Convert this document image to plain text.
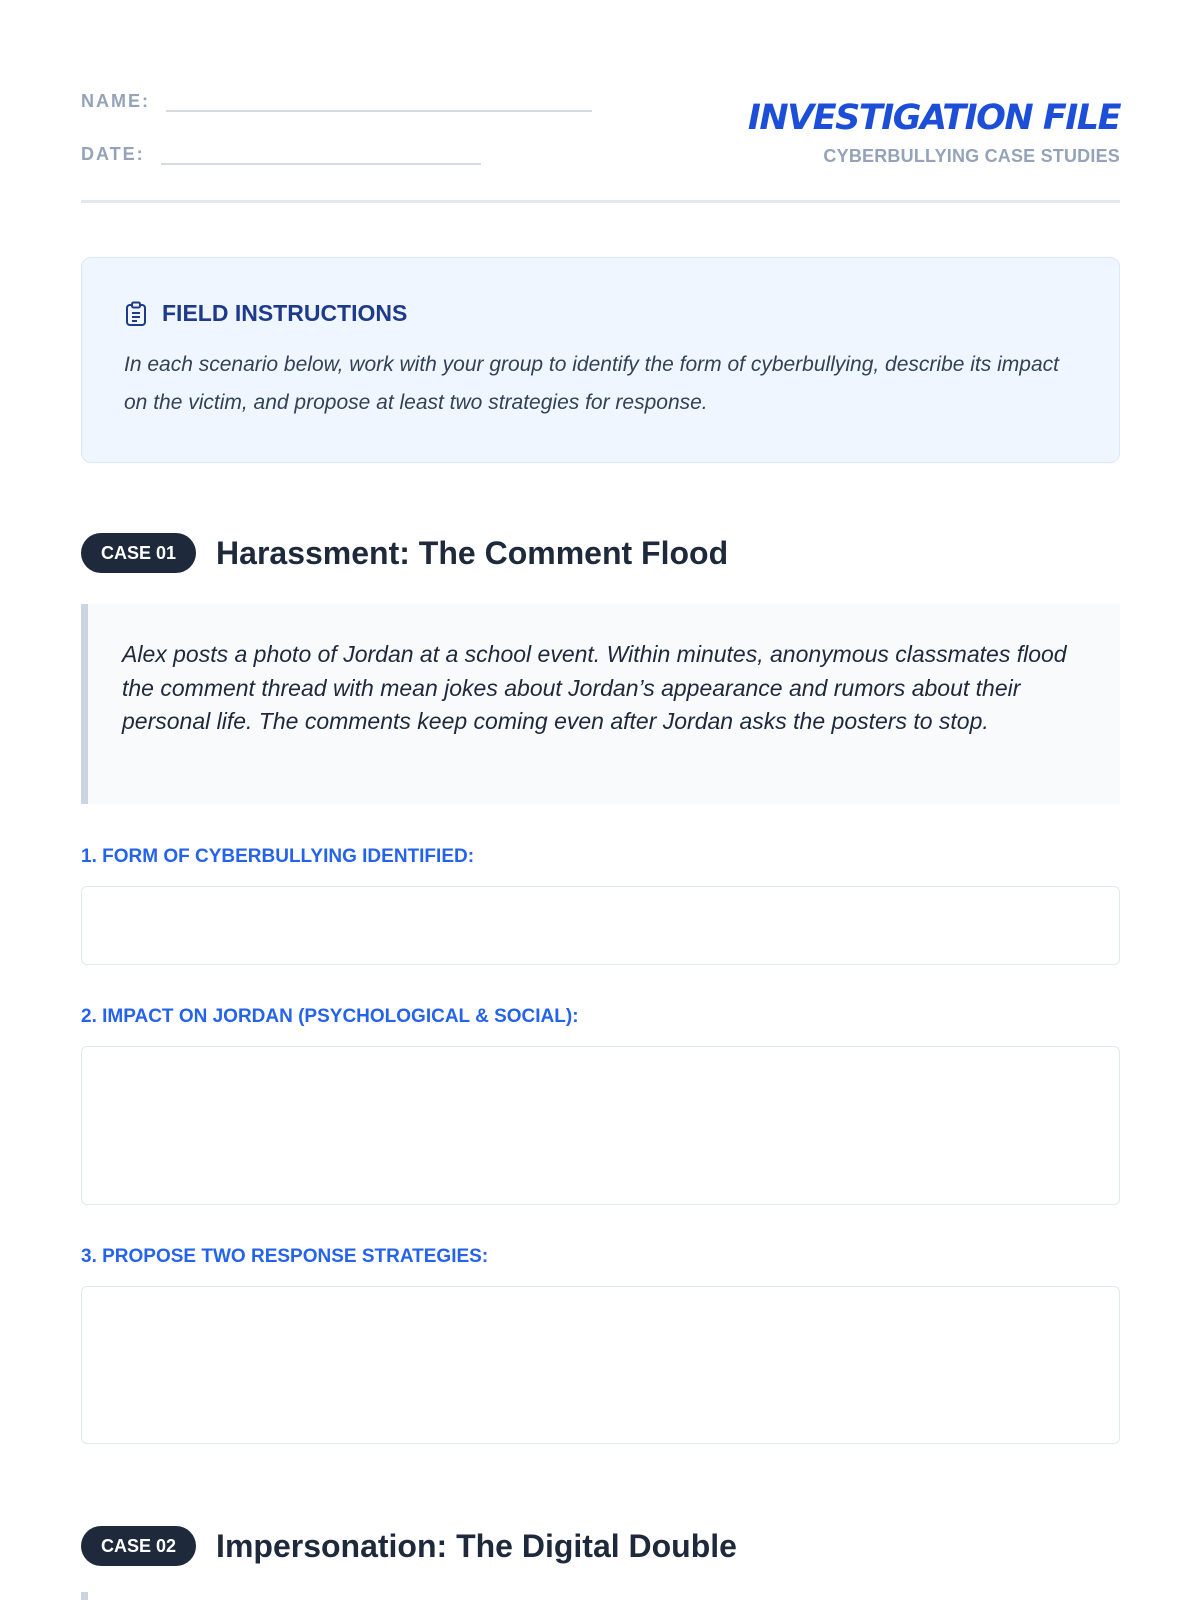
NAME:
DATE:
INVESTIGATION FILE
CYBERBULLYING CASE STUDIES
FIELD INSTRUCTIONS
In each scenario below, work with your group to identify the form of cyberbullying, describe its impact on the victim, and propose at least two strategies for response.
CASE 01	Harassment: The Comment Flood
Alex posts a photo of Jordan at a school event. Within minutes, anonymous classmates flood the comment thread with mean jokes about Jordan’s appearance and rumors about their personal life. The comments keep coming even after Jordan asks the posters to stop.
1. FORM OF CYBERBULLYING IDENTIFIED:
2. IMPACT ON JORDAN (PSYCHOLOGICAL & SOCIAL):
3. PROPOSE TWO RESPONSE STRATEGIES:
CASE 02	Impersonation: The Digital Double
